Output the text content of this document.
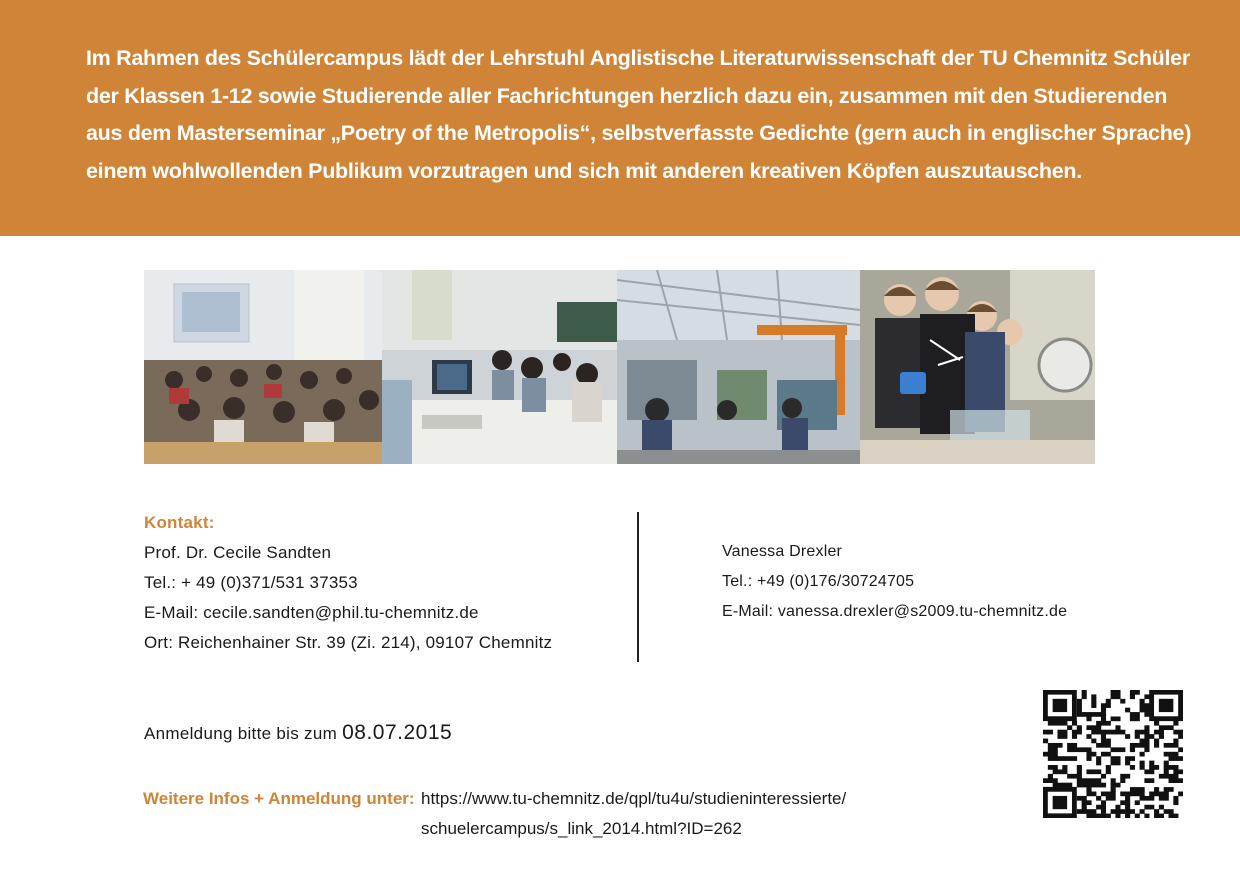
Im Rahmen des Schülercampus lädt der Lehrstuhl Anglistische Literaturwissenschaft der TU Chemnitz Schüler
der Klassen 1-12 sowie Studierende aller Fachrichtungen herzlich dazu ein, zusammen mit den Studierenden
aus dem Masterseminar „Poetry of the Metropolis“, selbstverfasste Gedichte (gern auch in englischer Sprache)
einem wohlwollenden Publikum vorzutragen und sich mit anderen kreativen Köpfen auszutauschen.
Kontakt:
Prof. Dr. Cecile Sandten
Tel.: + 49 (0)371/531 37353
E-Mail: cecile.sandten@phil.tu-chemnitz.de
Ort: Reichenhainer Str. 39 (Zi. 214), 09107 Chemnitz
Vanessa Drexler
Tel.: +49 (0)176/30724705
E-Mail: vanessa.drexler@s2009.tu-chemnitz.de
Anmeldung bitte bis zum 08.07.2015
Weitere Infos + Anmeldung unter: https://www.tu-chemnitz.de/qpl/tu4u/studieninteressierte/
schuelercampus/s_link_2014.html?ID=262
